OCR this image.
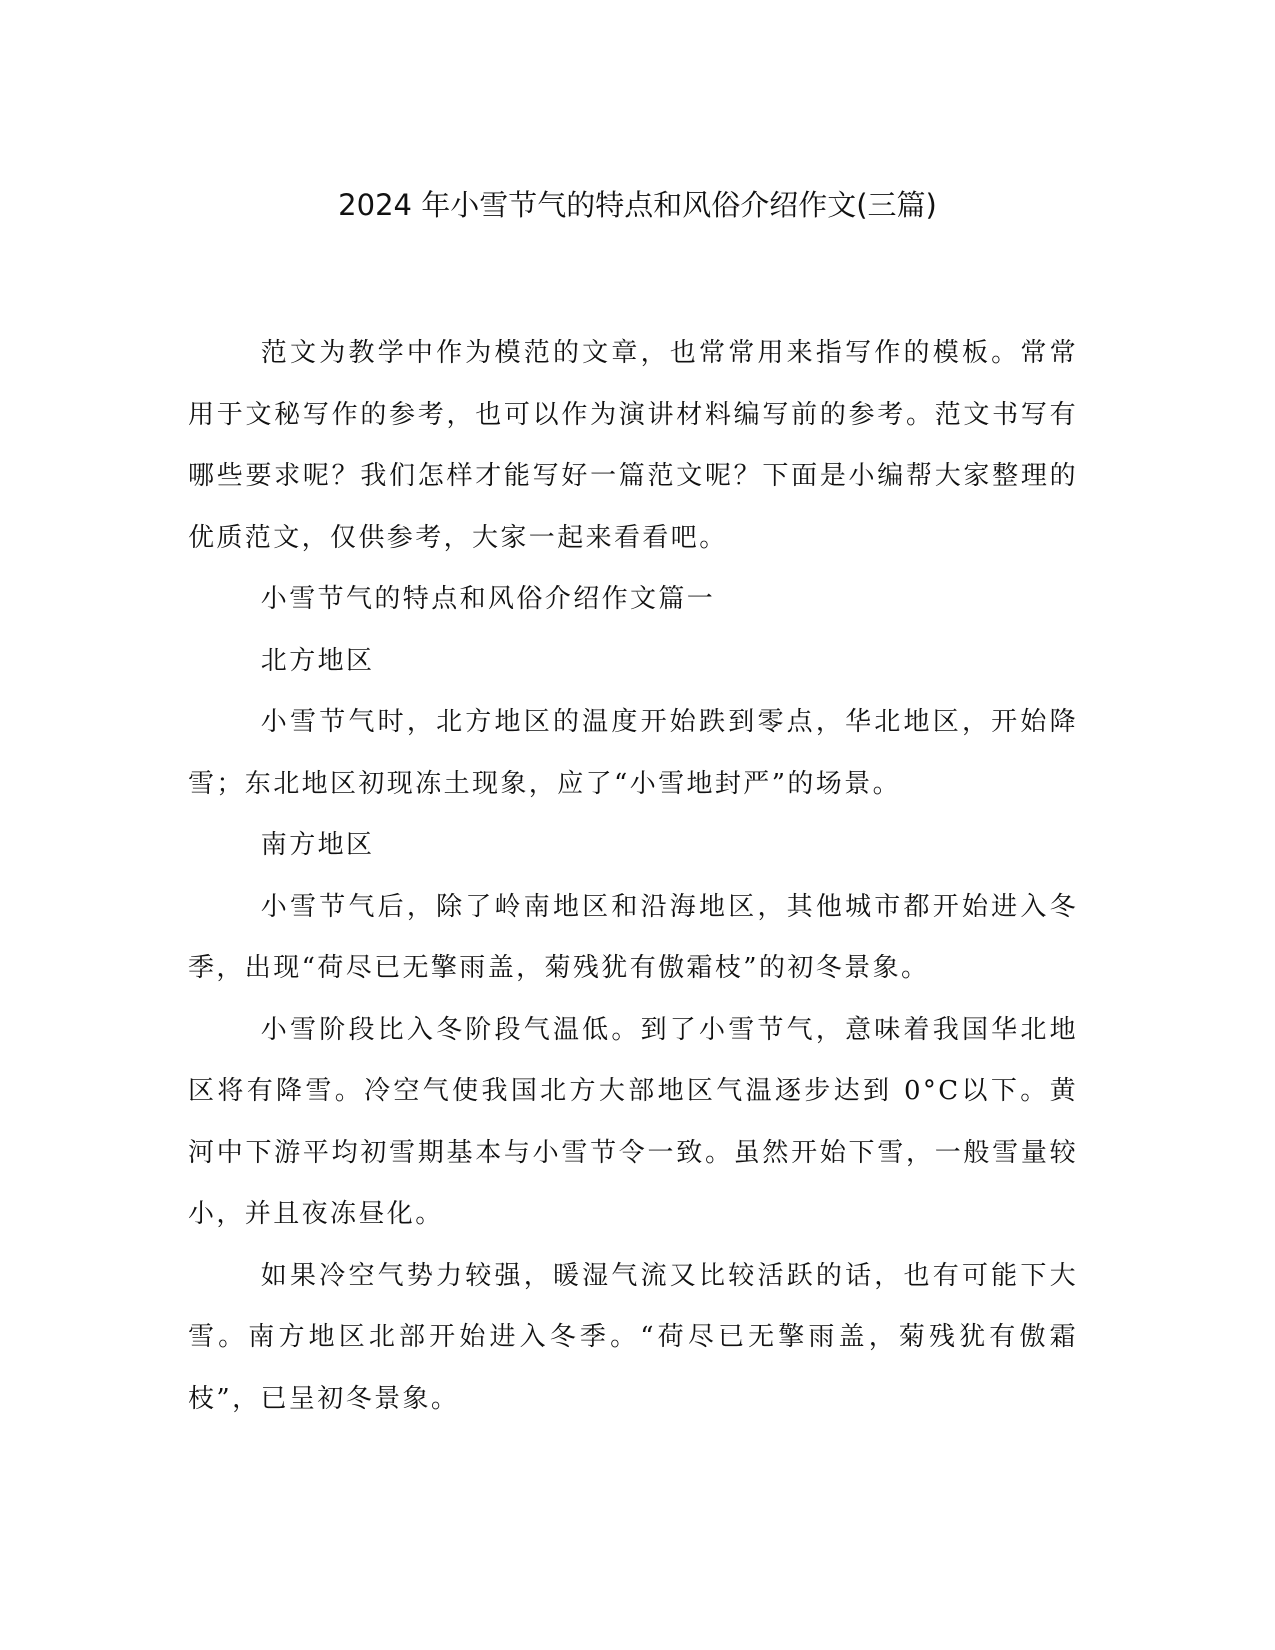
2024 年小雪节气的特点和风俗介绍作文(三篇)

范文为教学中作为模范的文章，也常常用来指写作的模板。常常用于文秘写作的参考，也可以作为演讲材料编写前的参考。范文书写有哪些要求呢？我们怎样才能写好一篇范文呢？下面是小编帮大家整理的优质范文，仅供参考，大家一起来看看吧。

小雪节气的特点和风俗介绍作文篇一

北方地区

小雪节气时，北方地区的温度开始跌到零点，华北地区，开始降雪；东北地区初现冻土现象，应了“小雪地封严”的场景。

南方地区

小雪节气后，除了岭南地区和沿海地区，其他城市都开始进入冬季，出现“荷尽已无擎雨盖，菊残犹有傲霜枝”的初冬景象。

小雪阶段比入冬阶段气温低。到了小雪节气，意味着我国华北地区将有降雪。冷空气使我国北方大部地区气温逐步达到 0°C以下。黄河中下游平均初雪期基本与小雪节令一致。虽然开始下雪，一般雪量较小，并且夜冻昼化。

如果冷空气势力较强，暖湿气流又比较活跃的话，也有可能下大雪。南方地区北部开始进入冬季。“荷尽已无擎雨盖，菊残犹有傲霜枝”，已呈初冬景象。
